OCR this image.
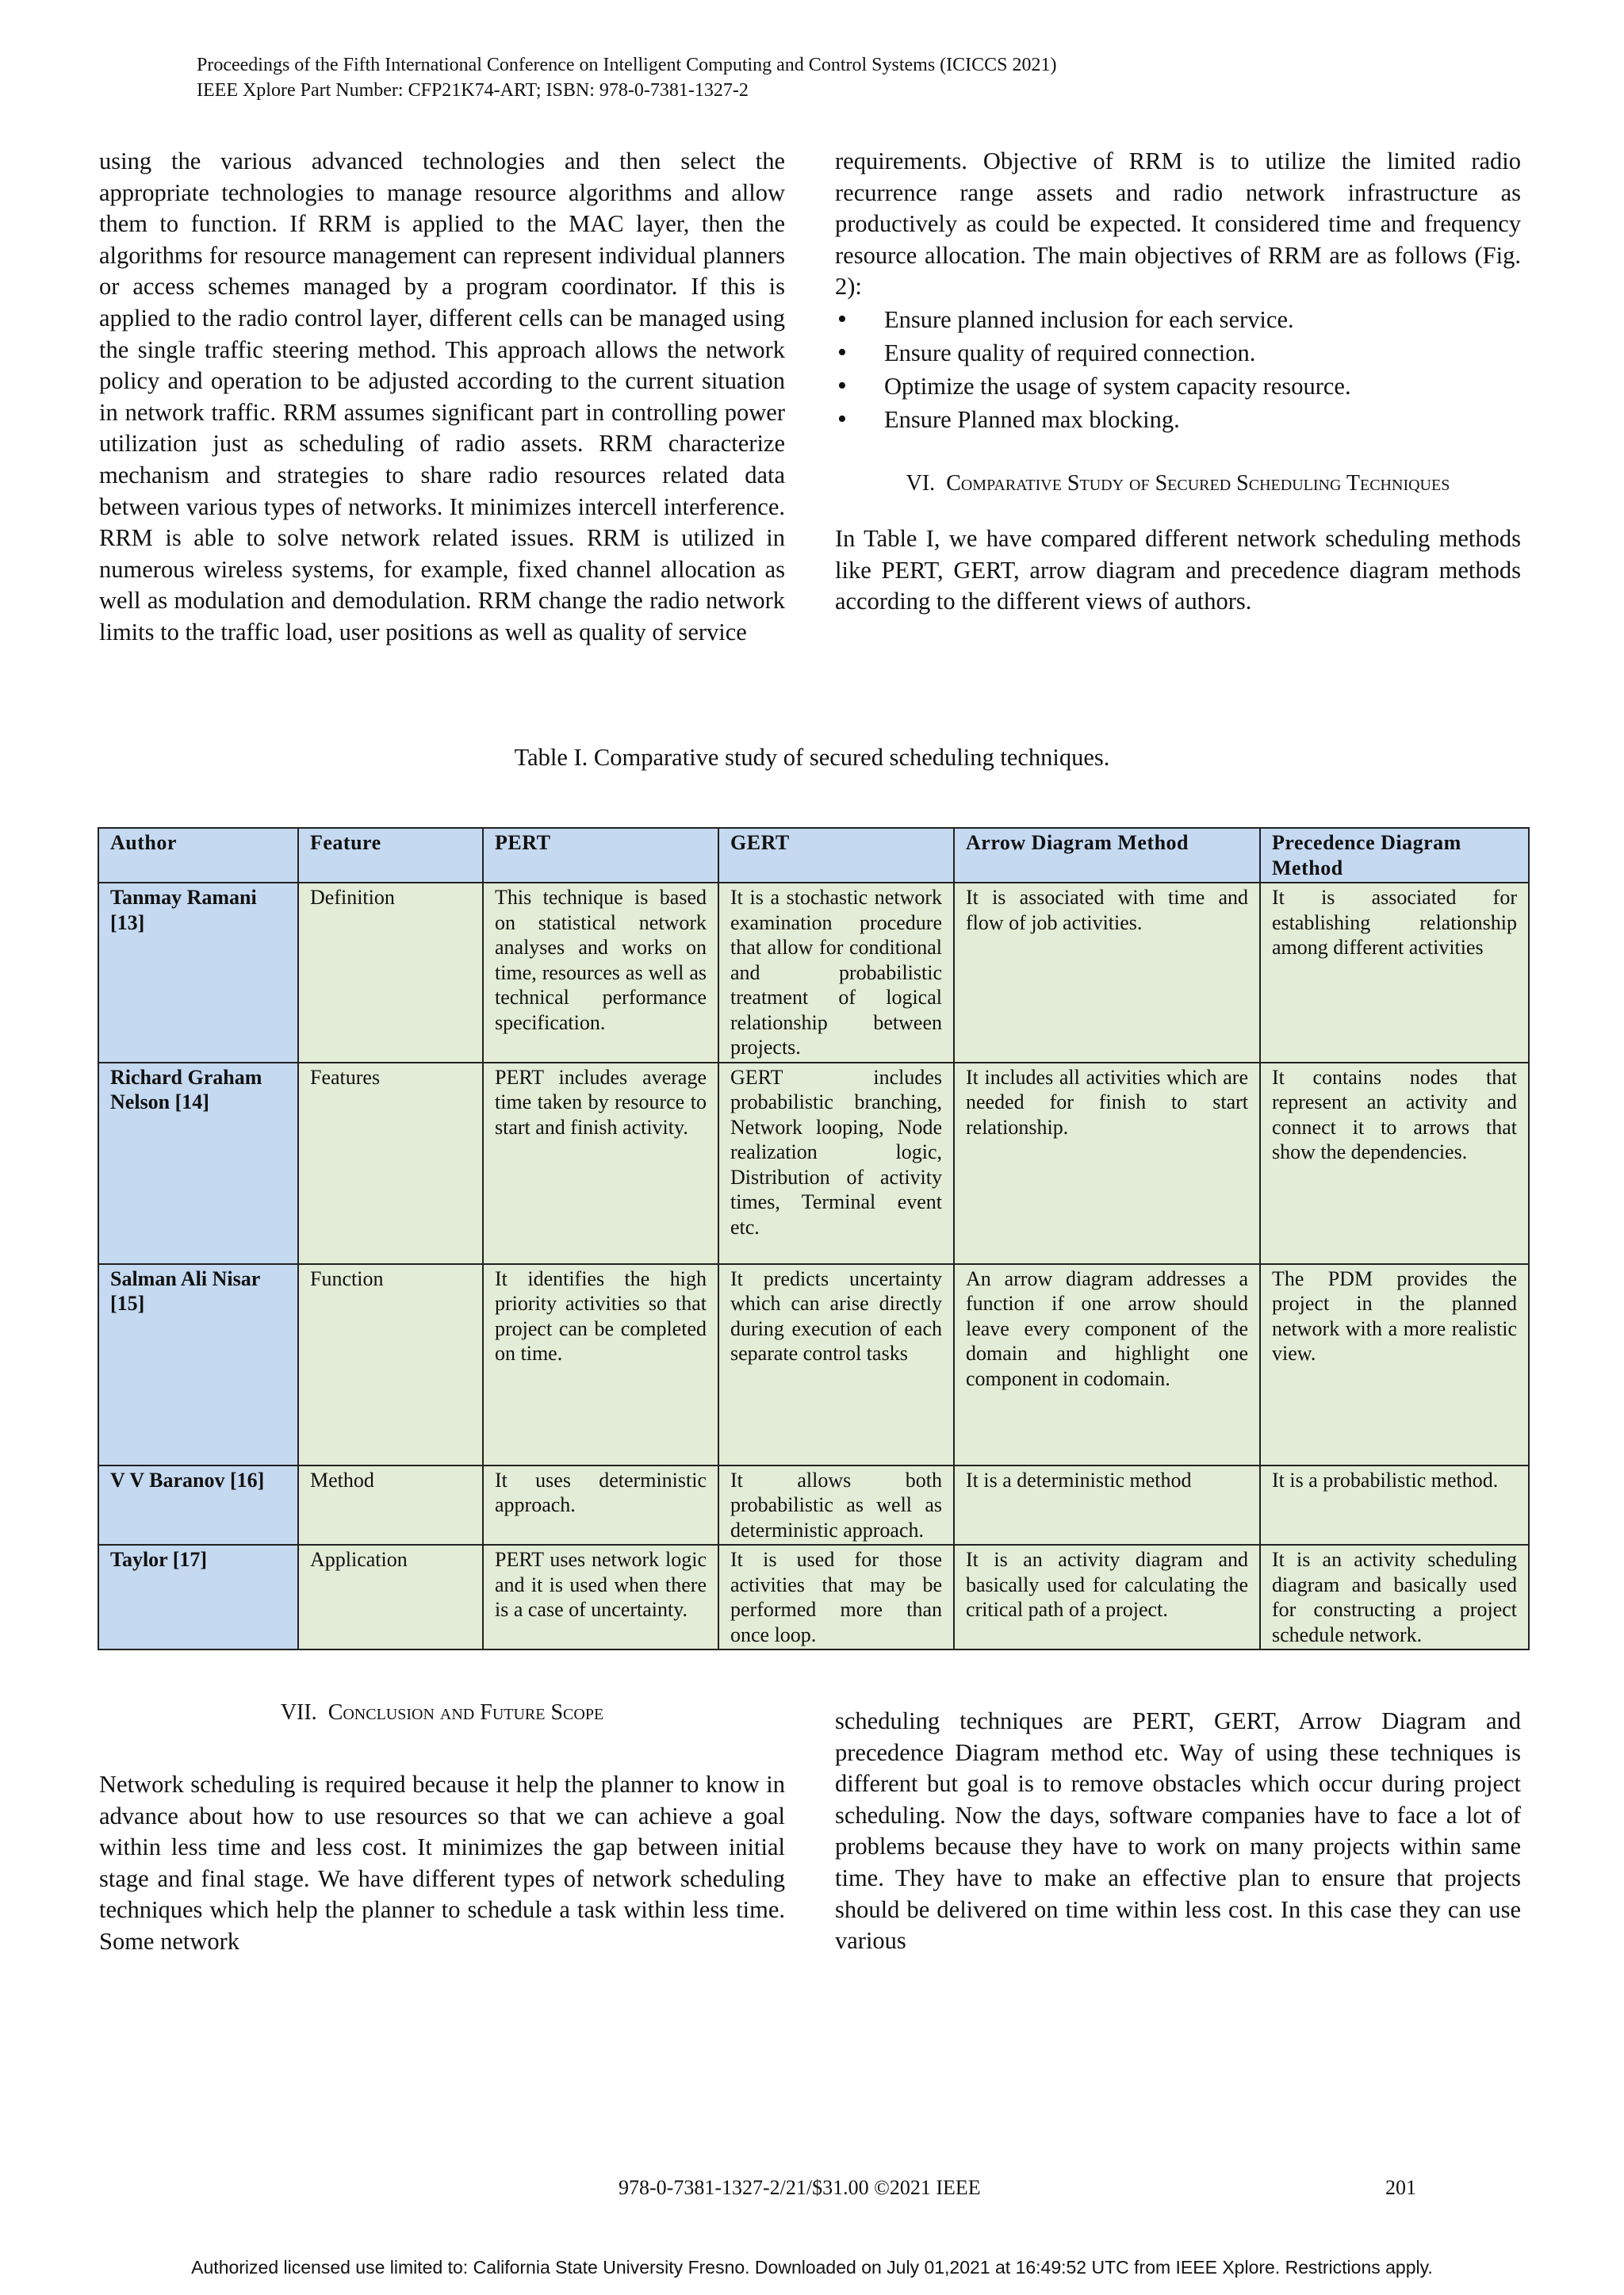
Proceedings of the Fifth International Conference on Intelligent Computing and Control Systems (ICICCS 2021)
IEEE Xplore Part Number: CFP21K74-ART; ISBN: 978-0-7381-1327-2

using the various advanced technologies and then select the appropriate technologies to manage resource algorithms and allow them to function. If RRM is applied to the MAC layer, then the algorithms for resource management can represent individual planners or access schemes managed by a program coordinator. If this is applied to the radio control layer, different cells can be managed using the single traffic steering method. This approach allows the network policy and operation to be adjusted according to the current situation in network traffic. RRM assumes significant part in controlling power utilization just as scheduling of radio assets. RRM characterize mechanism and strategies to share radio resources related data between various types of networks. It minimizes intercell interference. RRM is able to solve network related issues. RRM is utilized in numerous wireless systems, for example, fixed channel allocation as well as modulation and demodulation. RRM change the radio network limits to the traffic load, user positions as well as quality of service

requirements. Objective of RRM is to utilize the limited radio recurrence range assets and radio network infrastructure as productively as could be expected. It considered time and frequency resource allocation. The main objectives of RRM are as follows (Fig. 2):

• Ensure planned inclusion for each service.
• Ensure quality of required connection.
• Optimize the usage of system capacity resource.
• Ensure Planned max blocking.

VI. Comparative Study of Secured Scheduling Techniques

In Table I, we have compared different network scheduling methods like PERT, GERT, arrow diagram and precedence diagram methods according to the different views of authors.

Table I. Comparative study of secured scheduling techniques.
Author	Feature	PERT	GERT	Arrow Diagram Method	Precedence Diagram Method
Tanmay Ramani [13]	Definition	This technique is based on statistical network analyses and works on time, resources as well as technical performance specification.	It is a stochastic network examination procedure that allow for conditional and probabilistic treatment of logical relationship between projects.	It is associated with time and flow of job activities.	It is associated for establishing relationship among different activities
Richard Graham Nelson [14]	Features	PERT includes average time taken by resource to start and finish activity.	GERT includes probabilistic branching, Network looping, Node realization logic, Distribution of activity times, Terminal event etc.	It includes all activities which are needed for finish to start relationship.	It contains nodes that represent an activity and connect it to arrows that show the dependencies.
Salman Ali Nisar [15]	Function	It identifies the high priority activities so that project can be completed on time.	It predicts uncertainty which can arise directly during execution of each separate control tasks	An arrow diagram addresses a function if one arrow should leave every component of the domain and highlight one component in codomain.	The PDM provides the project in the planned network with a more realistic view.
V V Baranov [16]	Method	It uses deterministic approach.	It allows both probabilistic as well as deterministic approach.	It is a deterministic method	It is a probabilistic method.
Taylor [17]	Application	PERT uses network logic and it is used when there is a case of uncertainty.	It is used for those activities that may be performed more than once loop.	It is an activity diagram and basically used for calculating the critical path of a project.	It is an activity scheduling diagram and basically used for constructing a project schedule network.

VII. Conclusion and Future Scope

Network scheduling is required because it help the planner to know in advance about how to use resources so that we can achieve a goal within less time and less cost. It minimizes the gap between initial stage and final stage. We have different types of network scheduling techniques which help the planner to schedule a task within less time. Some network

scheduling techniques are PERT, GERT, Arrow Diagram and precedence Diagram method etc. Way of using these techniques is different but goal is to remove obstacles which occur during project scheduling. Now the days, software companies have to face a lot of problems because they have to work on many projects within same time. They have to make an effective plan to ensure that projects should be delivered on time within less cost. In this case they can use various

978-0-7381-1327-2/21/$31.00 ©2021 IEEE	201
Authorized licensed use limited to: California State University Fresno. Downloaded on July 01,2021 at 16:49:52 UTC from IEEE Xplore. Restrictions apply.
